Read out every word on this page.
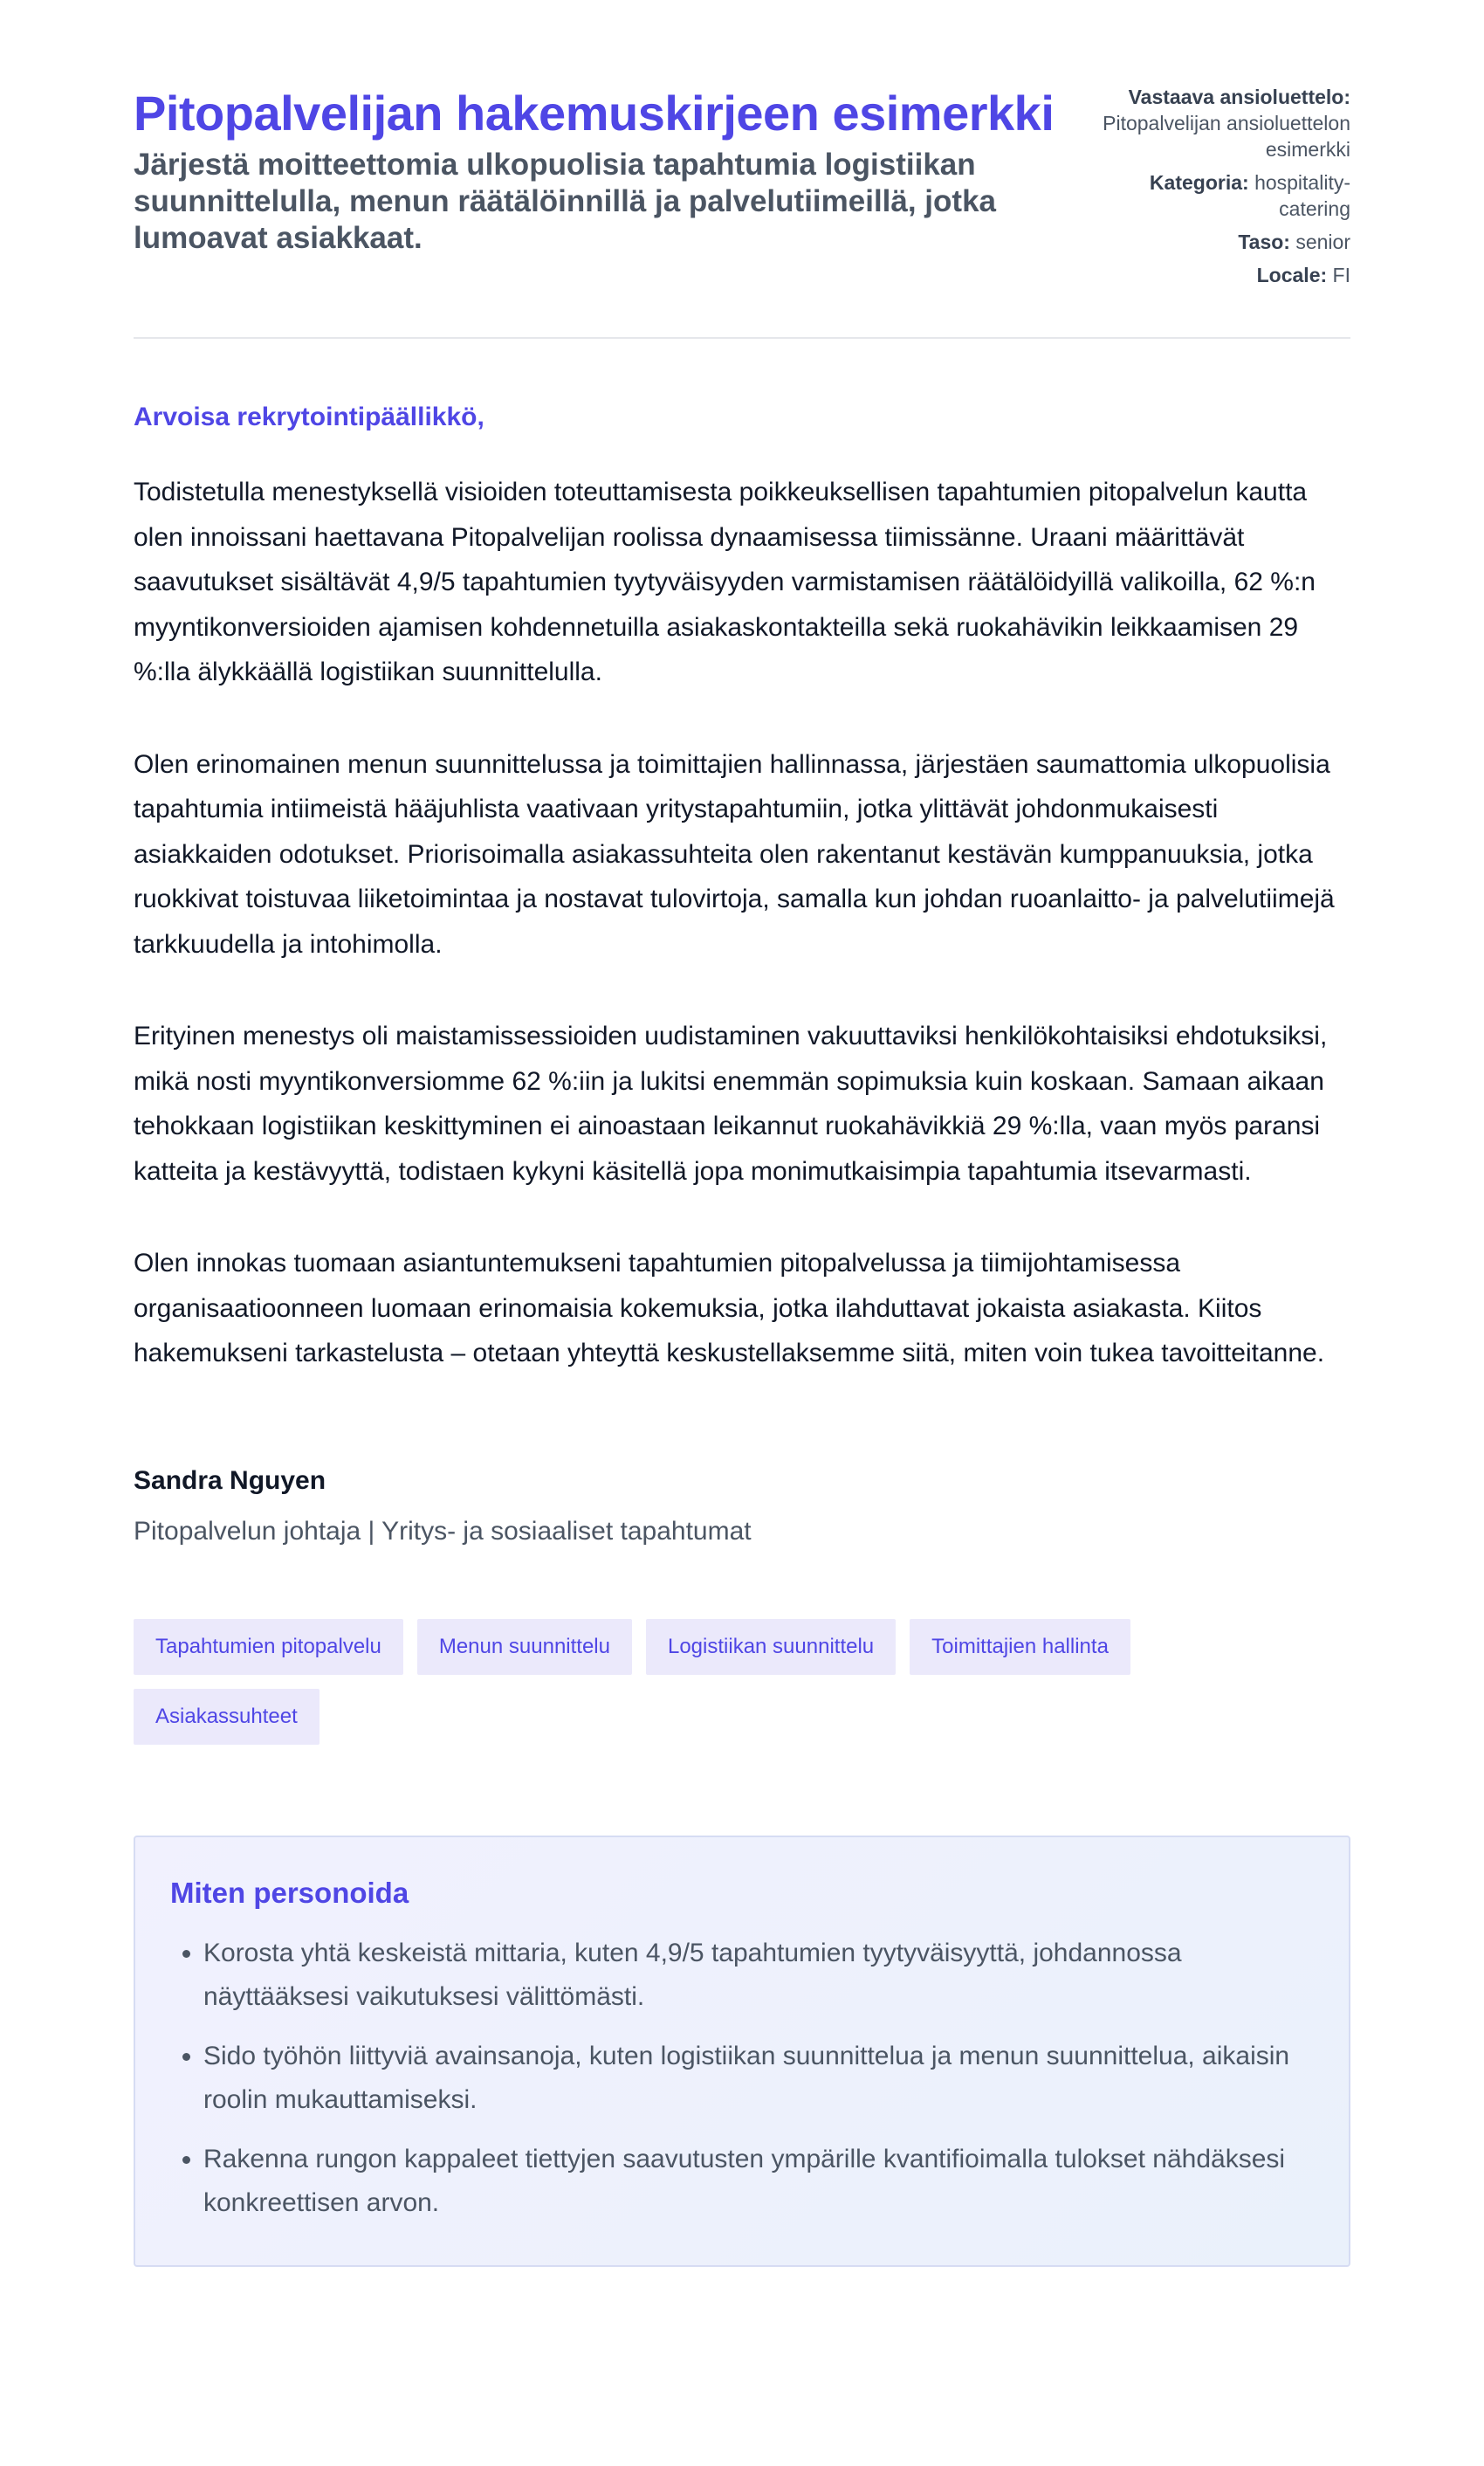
Pitopalvelijan hakemuskirjeen esimerkki

Järjestä moitteettomia ulkopuolisia tapahtumia logistiikan suunnittelulla, menun räätälöinnillä ja palvelutiimeillä, jotka lumoavat asiakkaat.

Vastaava ansioluettelo:
Pitopalvelijan ansioluettelon esimerkki
Kategoria: hospitality-catering
Taso: senior
Locale: FI

Arvoisa rekrytointipäällikkö,

Todistetulla menestyksellä visioiden toteuttamisesta poikkeuksellisen tapahtumien pitopalvelun kautta olen innoissani haettavana Pitopalvelijan roolissa dynaamisessa tiimissänne. Uraani määrittävät saavutukset sisältävät 4,9/5 tapahtumien tyytyväisyyden varmistamisen räätälöidyillä valikoilla, 62 %:n myyntikonversioiden ajamisen kohdennetuilla asiakaskontakteilla sekä ruokahävikin leikkaamisen 29 %:lla älykkäällä logistiikan suunnittelulla.

Olen erinomainen menun suunnittelussa ja toimittajien hallinnassa, järjestäen saumattomia ulkopuolisia tapahtumia intiimeistä hääjuhlista vaativaan yritystapahtumiin, jotka ylittävät johdonmukaisesti asiakkaiden odotukset. Priorisoimalla asiakassuhteita olen rakentanut kestävän kumppanuuksia, jotka ruokkivat toistuvaa liiketoimintaa ja nostavat tulovirtoja, samalla kun johdan ruoanlaitto- ja palvelutiimejä tarkkuudella ja intohimolla.

Erityinen menestys oli maistamissessioiden uudistaminen vakuuttaviksi henkilökohtaisiksi ehdotuksiksi, mikä nosti myyntikonversiomme 62 %:iin ja lukitsi enemmän sopimuksia kuin koskaan. Samaan aikaan tehokkaan logistiikan keskittyminen ei ainoastaan leikannut ruokahävikkiä 29 %:lla, vaan myös paransi katteita ja kestävyyttä, todistaen kykyni käsitellä jopa monimutkaisimpia tapahtumia itsevarmasti.

Olen innokas tuomaan asiantuntemukseni tapahtumien pitopalvelussa ja tiimijohtamisessa organisaatioonneen luomaan erinomaisia kokemuksia, jotka ilahduttavat jokaista asiakasta. Kiitos hakemukseni tarkastelusta – otetaan yhteyttä keskustellaksemme siitä, miten voin tukea tavoitteitanne.

Sandra Nguyen
Pitopalvelun johtaja | Yritys- ja sosiaaliset tapahtumat
Tapahtumien pitopalvelu	Menun suunnittelu	Logistiikan suunnittelu	Toimittajien hallinta
Asiakassuhteet
Miten personoida
• Korosta yhtä keskeistä mittaria, kuten 4,9/5 tapahtumien tyytyväisyyttä, johdannossa näyttääksesi vaikutuksesi välittömästi.
• Sido työhön liittyviä avainsanoja, kuten logistiikan suunnittelua ja menun suunnittelua, aikaisin roolin mukauttamiseksi.
• Rakenna rungon kappaleet tiettyjen saavutusten ympärille kvantifioimalla tulokset nähdäksesi konkreettisen arvon.
